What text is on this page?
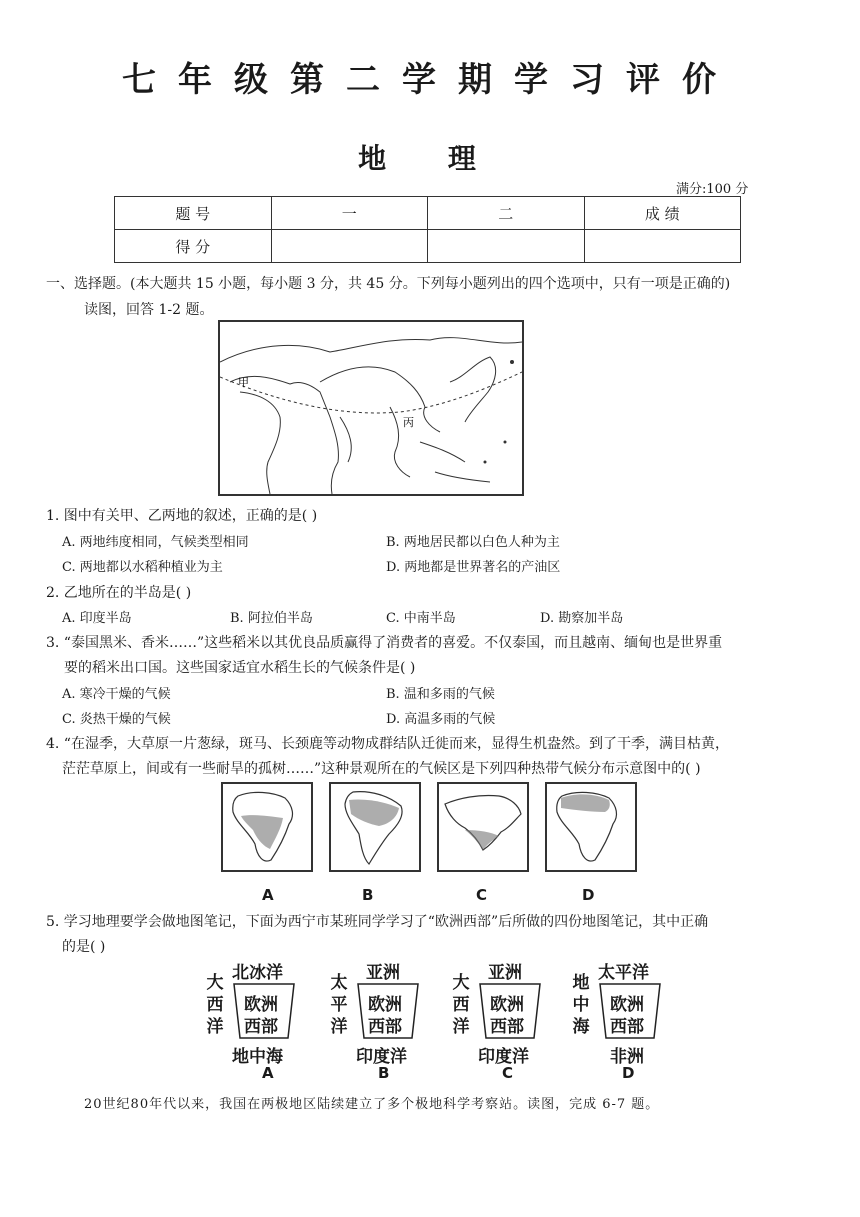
七年级第二学期学习评价
地 理
满分:100 分
题 号	一	二	成 绩
得 分			
一、选择题。(本大题共 15 小题，每小题 3 分，共 45 分。下列每小题列出的四个选项中，只有一项是正确的)
读图，回答 1-2 题。
甲
丙
1. 图中有关甲、乙两地的叙述，正确的是( )
A. 两地纬度相同，气候类型相同	B. 两地居民都以白色人种为主
C. 两地都以水稻种植业为主	D. 两地都是世界著名的产油区
2. 乙地所在的半岛是( )
A. 印度半岛	B. 阿拉伯半岛	C. 中南半岛	D. 勘察加半岛
3. “泰国黑米、香米……”这些稻米以其优良品质赢得了消费者的喜爱。不仅泰国，而且越南、缅甸也是世界重
要的稻米出口国。这些国家适宜水稻生长的气候条件是( )
A. 寒冷干燥的气候	B. 温和多雨的气候
C. 炎热干燥的气候	D. 高温多雨的气候
4. “在湿季，大草原一片葱绿，斑马、长颈鹿等动物成群结队迁徙而来，显得生机盎然。到了干季，满目枯黄，
茫茫草原上，间或有一些耐旱的孤树……”这种景观所在的气候区是下列四种热带气候分布示意图中的( )
A	B	C	D
5. 学习地理要学会做地图笔记，下面为西宁市某班同学学习了“欧洲西部”后所做的四份地图笔记，其中正确
的是( )
北冰洋
大西洋
欧洲
西部
地中海
A
亚洲
太平洋
欧洲
西部
印度洋
B
亚洲
大西洋
欧洲
西部
印度洋
C
太平洋
地中海
欧洲
西部
非洲
D
20世纪80年代以来，我国在两极地区陆续建立了多个极地科学考察站。读图，完成 6-7 题。
